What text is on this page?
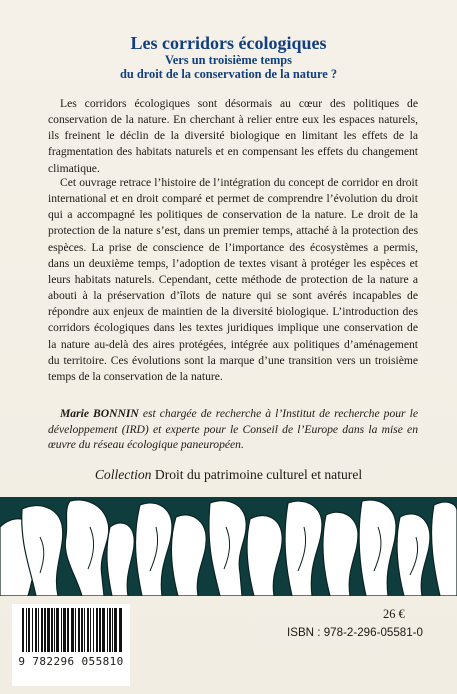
Les corridors écologiques
Vers un troisième temps
du droit de la conservation de la nature ?

Les corridors écologiques sont désormais au cœur des politiques de conservation de la nature. En cherchant à relier entre eux les espaces naturels, ils freinent le déclin de la diversité biologique en limitant les effets de la fragmentation des habitats naturels et en compensant les effets du changement climatique.

Cet ouvrage retrace l’histoire de l’intégration du concept de corridor en droit international et en droit comparé et permet de comprendre l’évolution du droit qui a accompagné les politiques de conservation de la nature. Le droit de la protection de la nature s’est, dans un premier temps, attaché à la protection des espèces. La prise de conscience de l’importance des écosystèmes a permis, dans un deuxième temps, l’adoption de textes visant à protéger les espèces et leurs habitats naturels. Cependant, cette méthode de protection de la nature a abouti à la préservation d’îlots de nature qui se sont avérés incapables de répondre aux enjeux de maintien de la diversité biologique. L’introduction des corridors écologiques dans les textes juridiques implique une conservation de la nature au-delà des aires protégées, intégrée aux politiques d’aménagement du territoire. Ces évolutions sont la marque d’une transition vers un troisième temps de la conservation de la nature.

Marie BONNIN est chargée de recherche à l’Institut de recherche pour le développement (IRD) et experte pour le Conseil de l’Europe dans la mise en œuvre du réseau écologique paneuropéen.

Collection Droit du patrimoine culturel et naturel
9 782296 055810
26 €
ISBN : 978-2-296-05581-0
